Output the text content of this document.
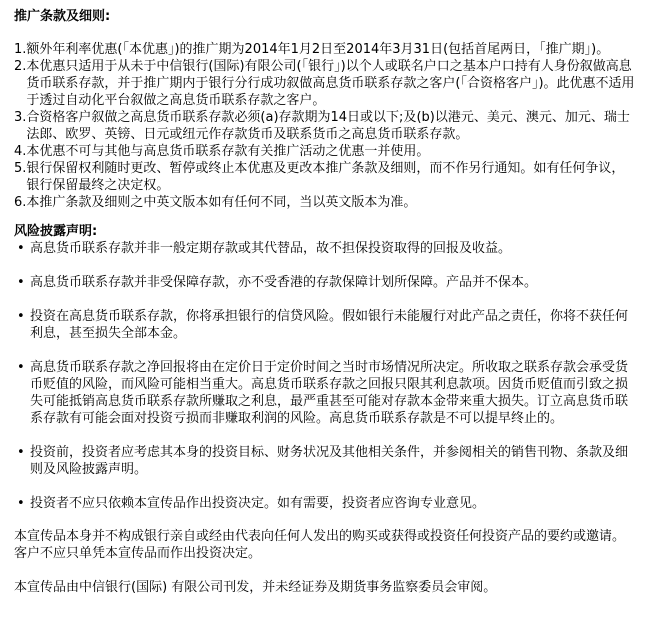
推广条款及细则:
1. 额外年利率优惠(「本优惠」)的推广期为2014年1月2日至2014年3月31日(包括首尾两日，「推广期」)。
2. 本优惠只适用于从未于中信银行(国际)有限公司(「银行」)以个人或联名户口之基本户口持有人身份叙做高息货币联系存款，并于推广期内于银行分行成功叙做高息货币联系存款之客户(「合资格客户」)。此优惠不适用于透过自动化平台叙做之高息货币联系存款之客户。
3. 合资格客户叙做之高息货币联系存款必须(a)存款期为14日或以下;及(b)以港元、美元、澳元、加元、瑞士法郎、欧罗、英镑、日元或纽元作存款货币及联系货币之高息货币联系存款。
4. 本优惠不可与其他与高息货币联系存款有关推广活动之优惠一并使用。
5. 银行保留权利随时更改、暂停或终止本优惠及更改本推广条款及细则，而不作另行通知。如有任何争议，银行保留最终之决定权。
6. 本推广条款及细则之中英文版本如有任何不同，当以英文版本为准。
风险披露声明:
• 高息货币联系存款并非一般定期存款或其代替品，故不担保投资取得的回报及收益。
• 高息货币联系存款并非受保障存款，亦不受香港的存款保障计划所保障。产品并不保本。
• 投资在高息货币联系存款，你将承担银行的信贷风险。假如银行未能履行对此产品之责任，你将不获任何利息，甚至损失全部本金。
• 高息货币联系存款之净回报将由在定价日于定价时间之当时市场情况所决定。所收取之联系存款会承受货币贬值的风险，而风险可能相当重大。高息货币联系存款之回报只限其利息款项。因货币贬值而引致之损失可能抵销高息货币联系存款所赚取之利息，最严重甚至可能对存款本金带来重大损失。订立高息货币联系存款有可能会面对投资亏损而非赚取利润的风险。高息货币联系存款是不可以提早终止的。
• 投资前，投资者应考虑其本身的投资目标、财务状况及其他相关条件，并参阅相关的销售刊物、条款及细则及风险披露声明。
• 投资者不应只依赖本宣传品作出投资决定。如有需要，投资者应咨询专业意见。

本宣传品本身并不构成银行亲自或经由代表向任何人发出的购买或获得或投资任何投资产品的要约或邀请。客户不应只单凭本宣传品而作出投资决定。

本宣传品由中信银行(国际) 有限公司刊发，并未经证券及期货事务监察委员会审阅。
